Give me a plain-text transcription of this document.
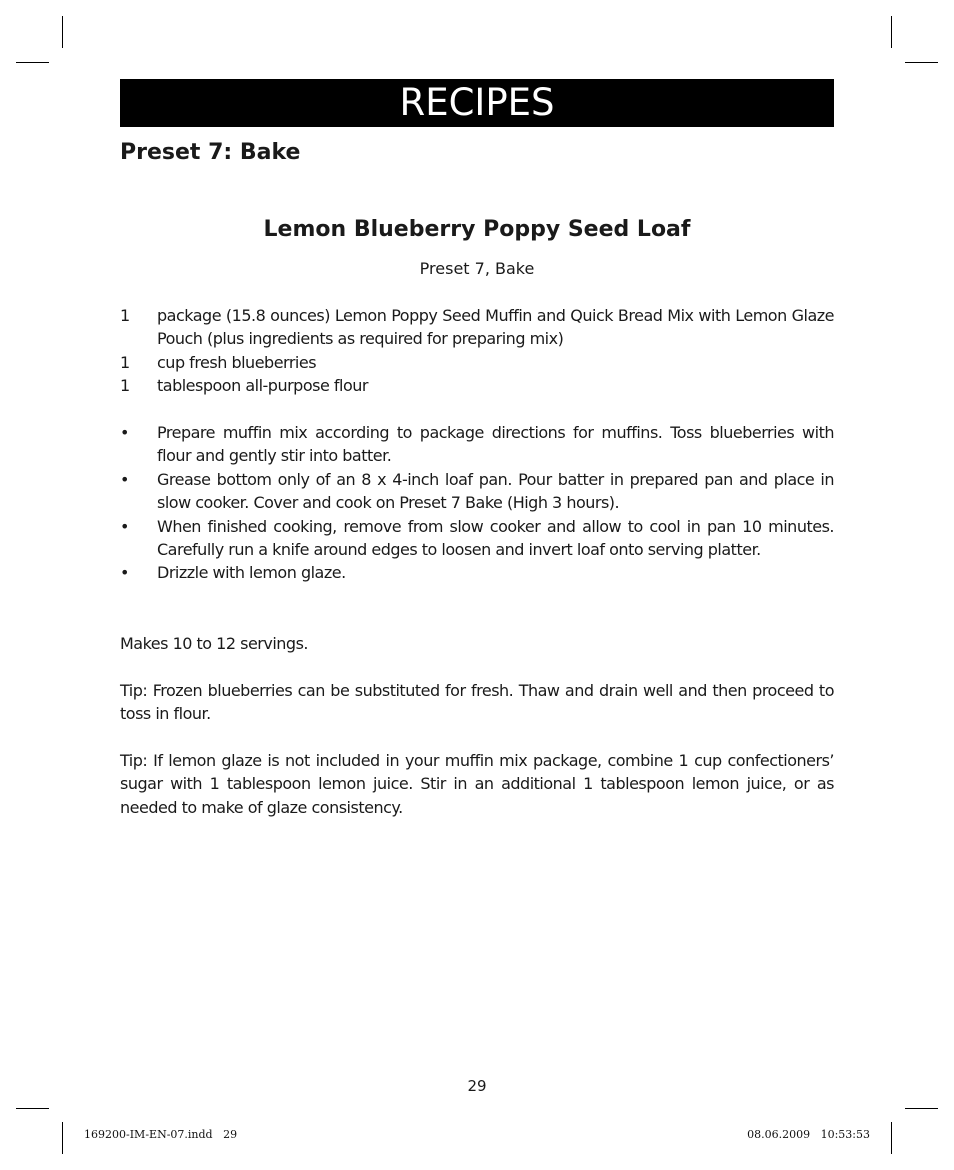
RECIPES
Preset 7: Bake
Lemon Blueberry Poppy Seed Loaf
Preset 7, Bake
1	package (15.8 ounces) Lemon Poppy Seed Muffin and Quick Bread Mix with Lemon Glaze Pouch (plus ingredients as required for preparing mix)
1	cup fresh blueberries
1	tablespoon all-purpose flour
•	Prepare muffin mix according to package directions for muffins. Toss blueberries with flour and gently stir into batter.
•	Grease bottom only of an 8 x 4-inch loaf pan. Pour batter in prepared pan and place in slow cooker. Cover and cook on Preset 7 Bake (High 3 hours).
•	When finished cooking, remove from slow cooker and allow to cool in pan 10 minutes. Carefully run a knife around edges to loosen and invert loaf onto serving platter.
•	Drizzle with lemon glaze.

Makes 10 to 12 servings.

Tip: Frozen blueberries can be substituted for fresh. Thaw and drain well and then proceed to toss in flour.

Tip: If lemon glaze is not included in your muffin mix package, combine 1 cup confectioners’ sugar with 1 tablespoon lemon juice. Stir in an additional 1 tablespoon lemon juice, or as needed to make of glaze consistency.

29
169200-IM-EN-07.indd   29	08.06.2009   10:53:53
